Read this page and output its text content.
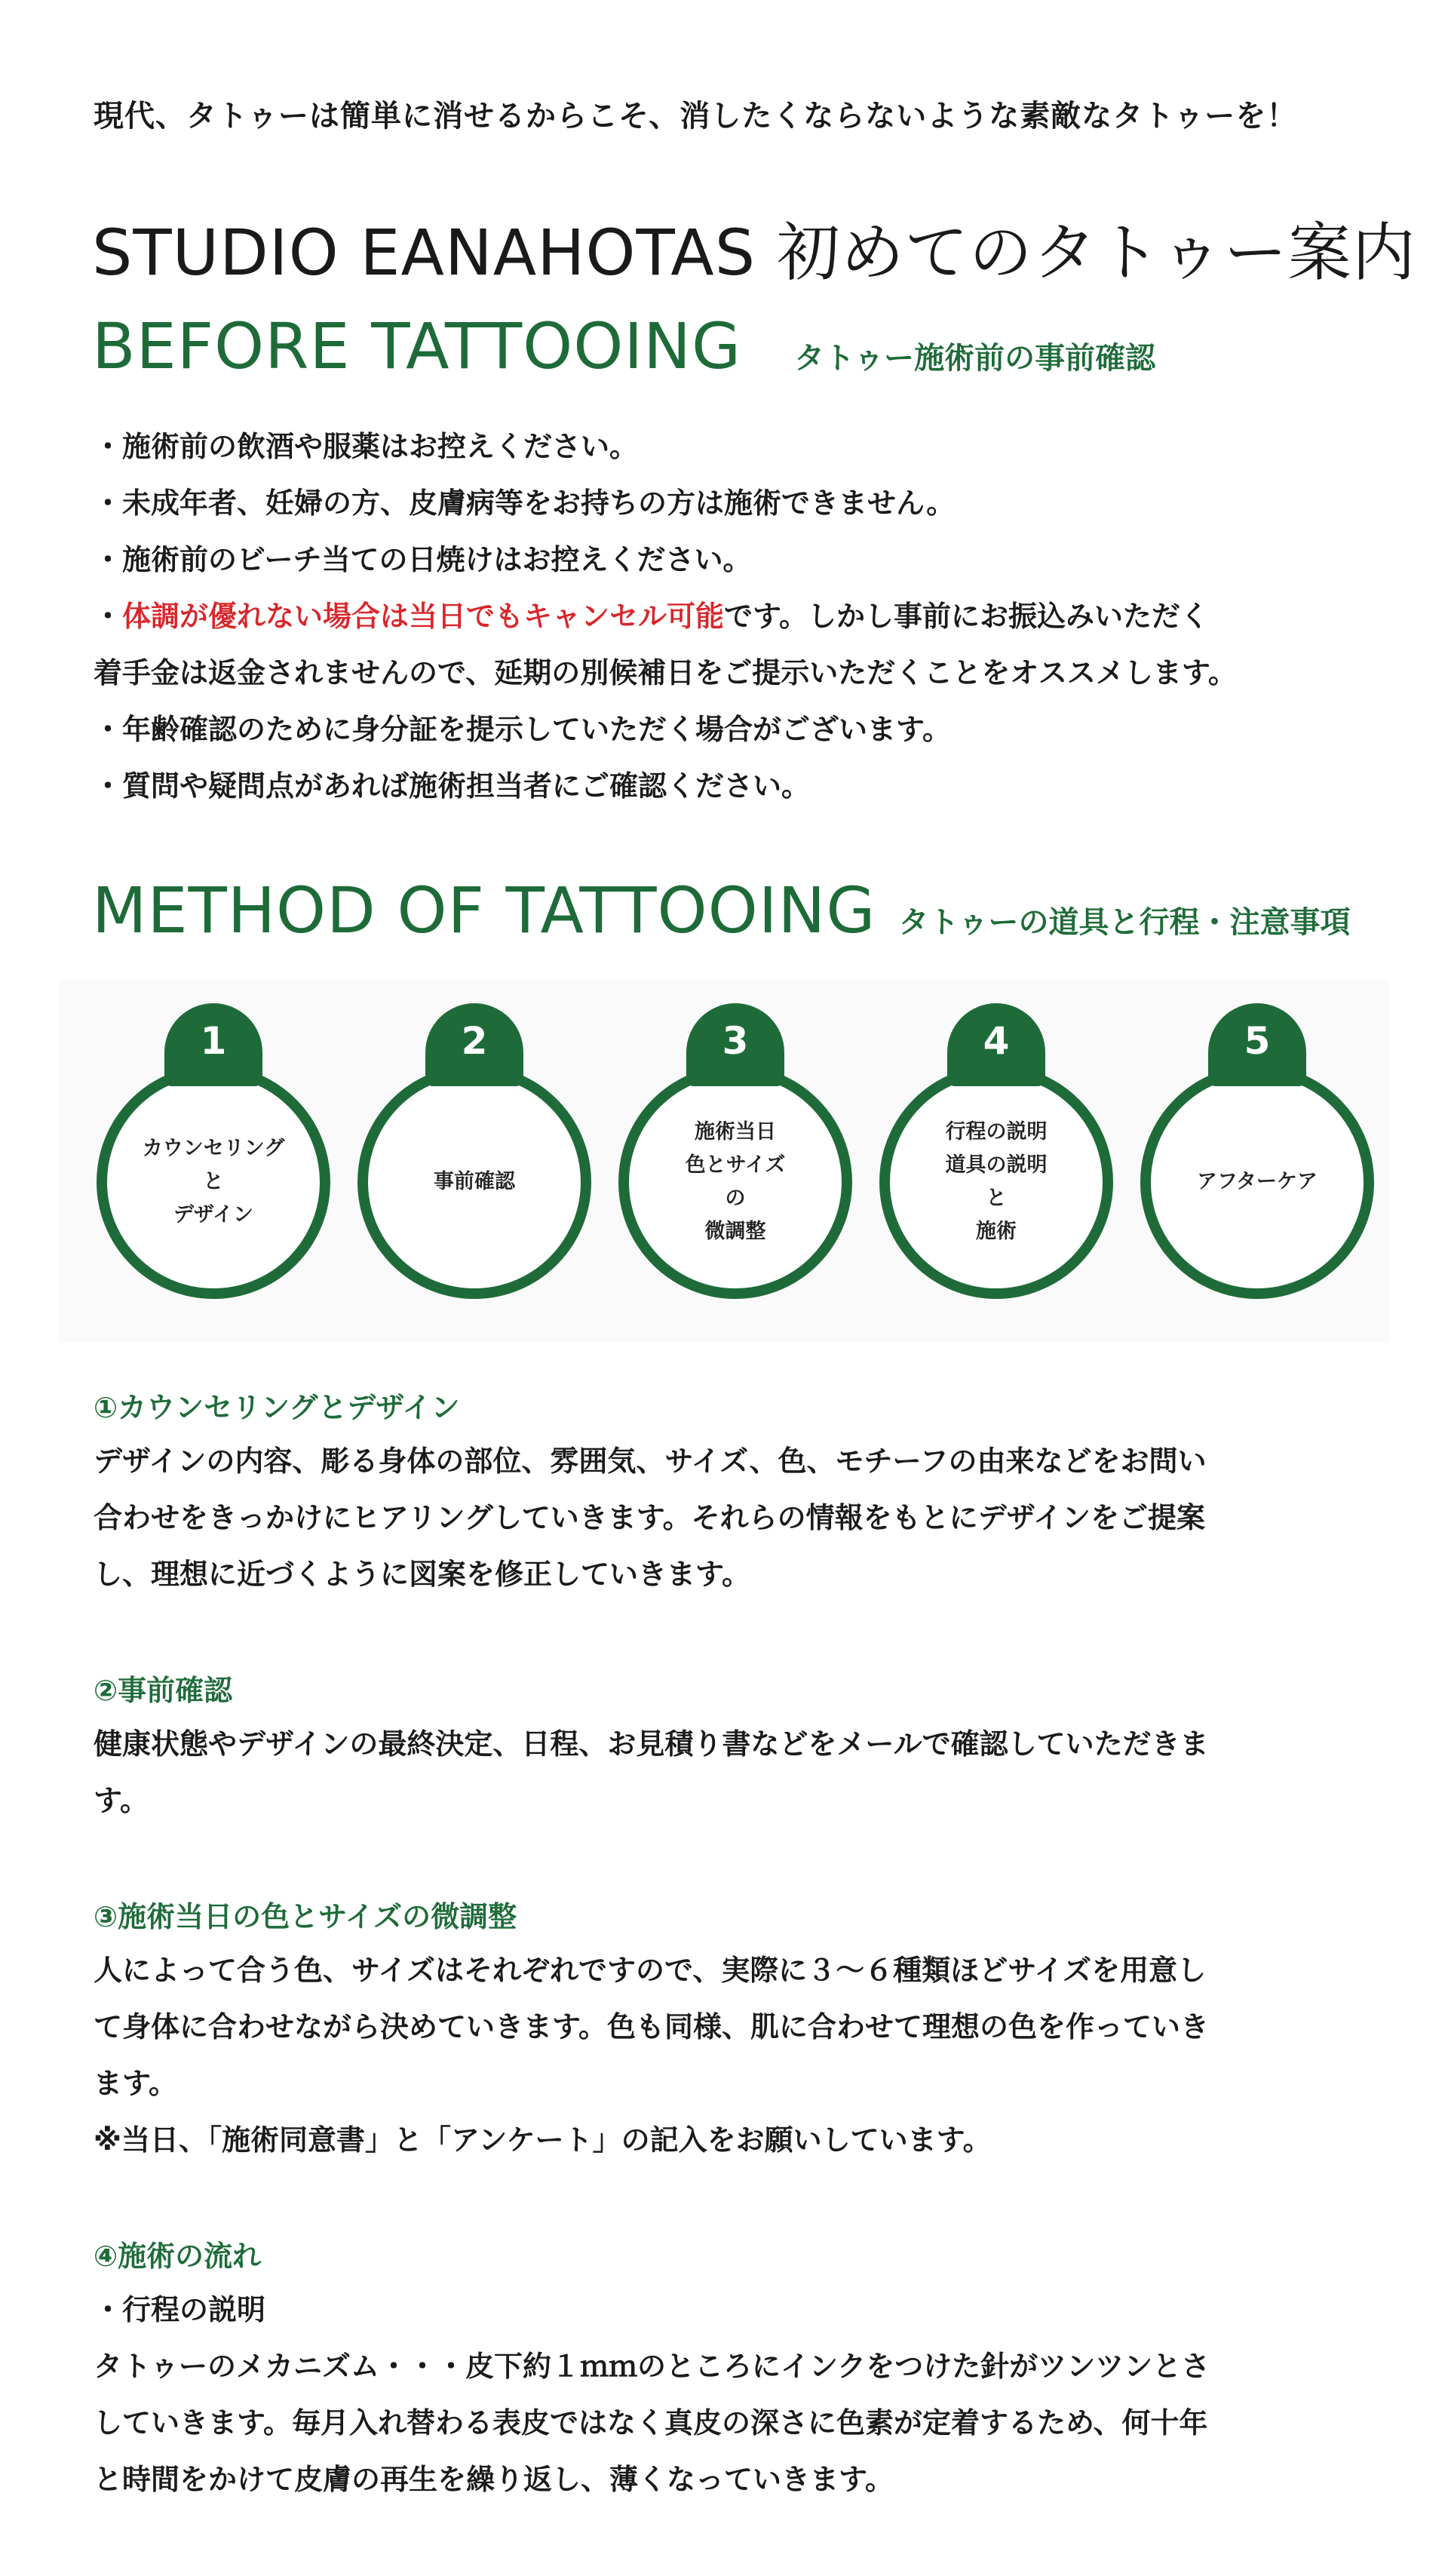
現代、タトゥーは簡単に消せるからこそ、消したくならないような素敵なタトゥーを！
STUDIO EANAHOTAS 初めてのタトゥー案内
BEFORE TATTOOING タトゥー施術前の事前確認
・施術前の飲酒や服薬はお控えください。
・未成年者、妊婦の方、皮膚病等をお持ちの方は施術できません。
・施術前のビーチ当ての日焼けはお控えください。
・体調が優れない場合は当日でもキャンセル可能です。しかし事前にお振込みいただく
着手金は返金されませんので、延期の別候補日をご提示いただくことをオススメします。
・年齢確認のために身分証を提示していただく場合がございます。
・質問や疑問点があれば施術担当者にご確認ください。
METHOD OF TATTOOING タトゥーの道具と行程・注意事項
カウンセリング
と
デザイン
1
事前確認
2
施術当日
色とサイズ
の
微調整
3
行程の説明
道具の説明
と
施術
4
アフターケア
5
①カウンセリングとデザイン
デザインの内容、彫る身体の部位、雰囲気、サイズ、色、モチーフの由来などをお問い
合わせをきっかけにヒアリングしていきます。それらの情報をもとにデザインをご提案
し、理想に近づくように図案を修正していきます。
②事前確認
健康状態やデザインの最終決定、日程、お見積り書などをメールで確認していただきま
す。
③施術当日の色とサイズの微調整
人によって合う色、サイズはそれぞれですので、実際に３～６種類ほどサイズを用意し
て身体に合わせながら決めていきます。色も同様、肌に合わせて理想の色を作っていき
ます。
※当日、「施術同意書」と「アンケート」の記入をお願いしています。
④施術の流れ
・行程の説明
タトゥーのメカニズム・・・皮下約１ｍｍのところにインクをつけた針がツンツンとさ
していきます。毎月入れ替わる表皮ではなく真皮の深さに色素が定着するため、何十年
と時間をかけて皮膚の再生を繰り返し、薄くなっていきます。
